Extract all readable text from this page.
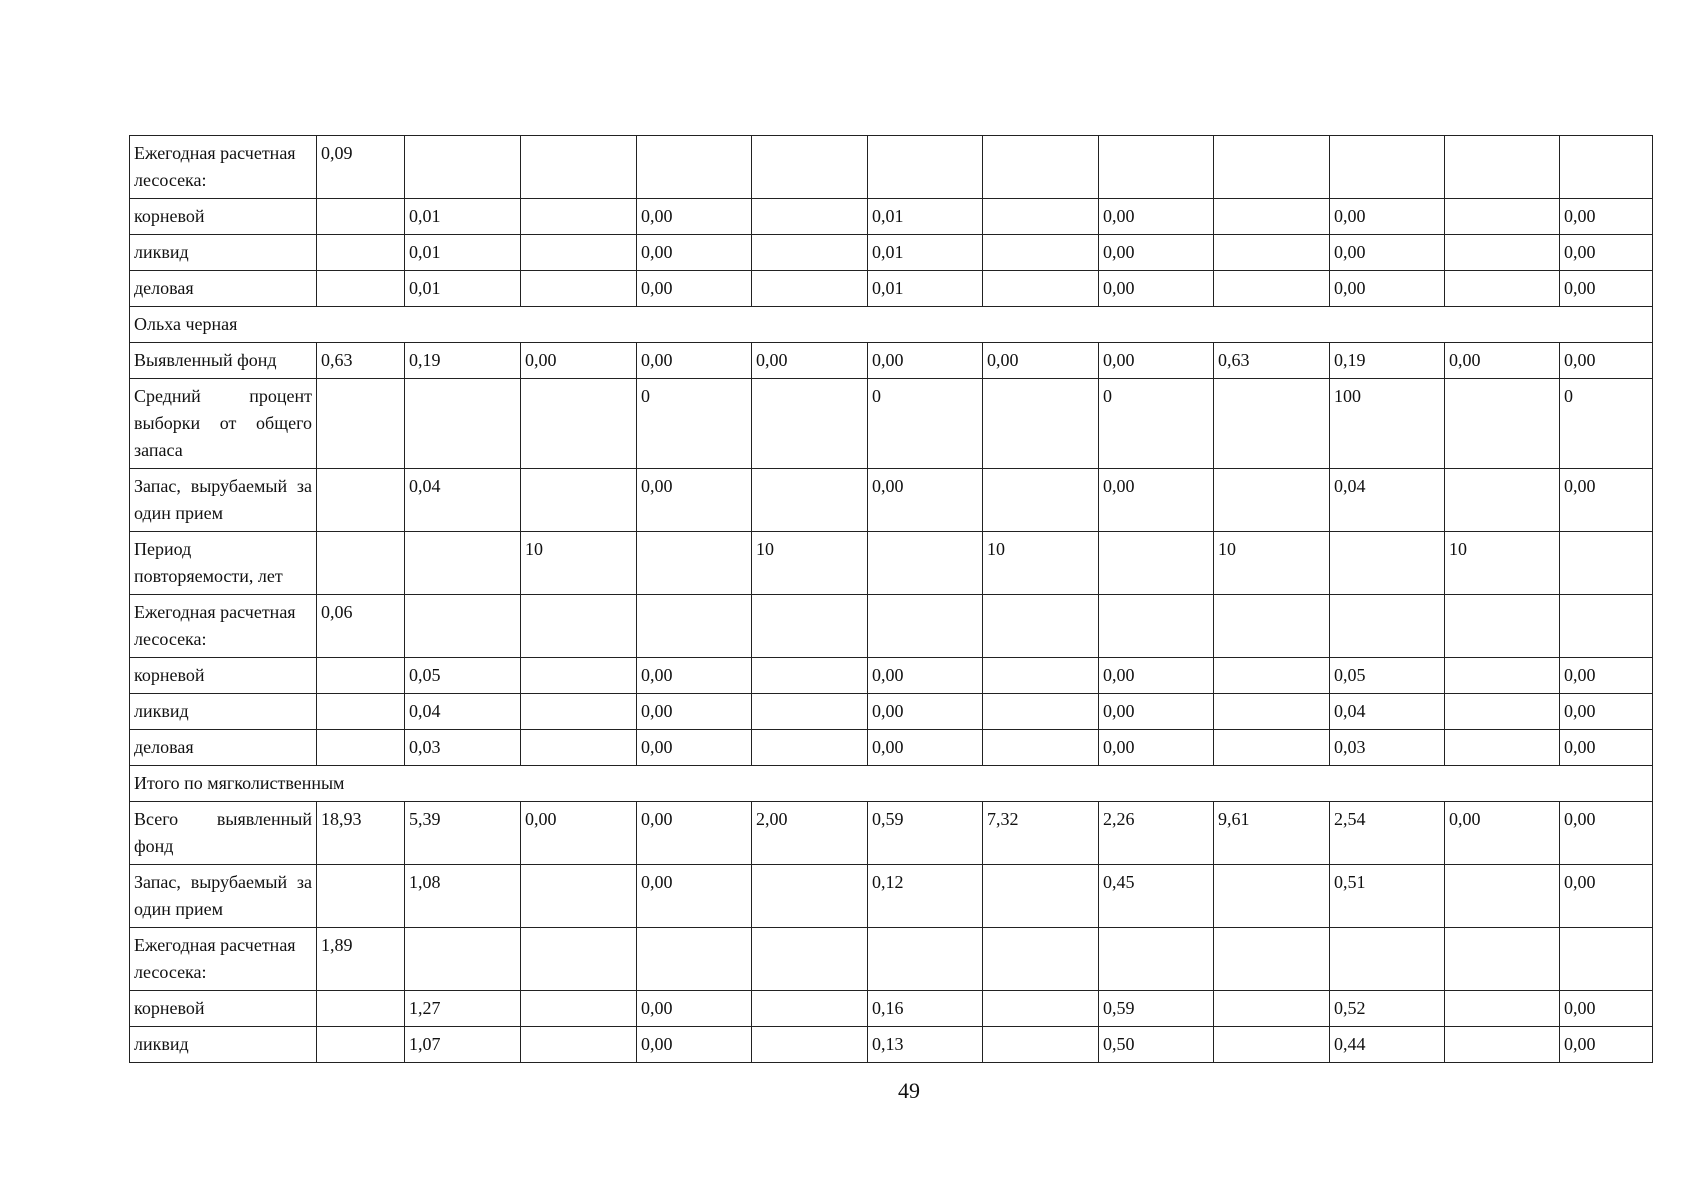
Ежегодная расчетная лесосека:	0,09											
корневой		0,01		0,00		0,01		0,00		0,00		0,00
ликвид		0,01		0,00		0,01		0,00		0,00		0,00
деловая		0,01		0,00		0,01		0,00		0,00		0,00
Ольха черная												
Выявленный фонд	0,63	0,19	0,00	0,00	0,00	0,00	0,00	0,00	0,63	0,19	0,00	0,00
Средний процент выборки от общего запаса				0		0		0		100		0
Запас, вырубаемый за один прием		0,04		0,00		0,00		0,00		0,04		0,00
Период повторяемости, лет			10		10		10		10		10	
Ежегодная расчетная лесосека:	0,06											
корневой		0,05		0,00		0,00		0,00		0,05		0,00
ликвид		0,04		0,00		0,00		0,00		0,04		0,00
деловая		0,03		0,00		0,00		0,00		0,03		0,00
Итого по мягколиственным												
Всего выявленный фонд	18,93	5,39	0,00	0,00	2,00	0,59	7,32	2,26	9,61	2,54	0,00	0,00
Запас, вырубаемый за один прием		1,08		0,00		0,12		0,45		0,51		0,00
Ежегодная расчетная лесосека:	1,89											
корневой		1,27		0,00		0,16		0,59		0,52		0,00
ликвид		1,07		0,00		0,13		0,50		0,44		0,00
49
